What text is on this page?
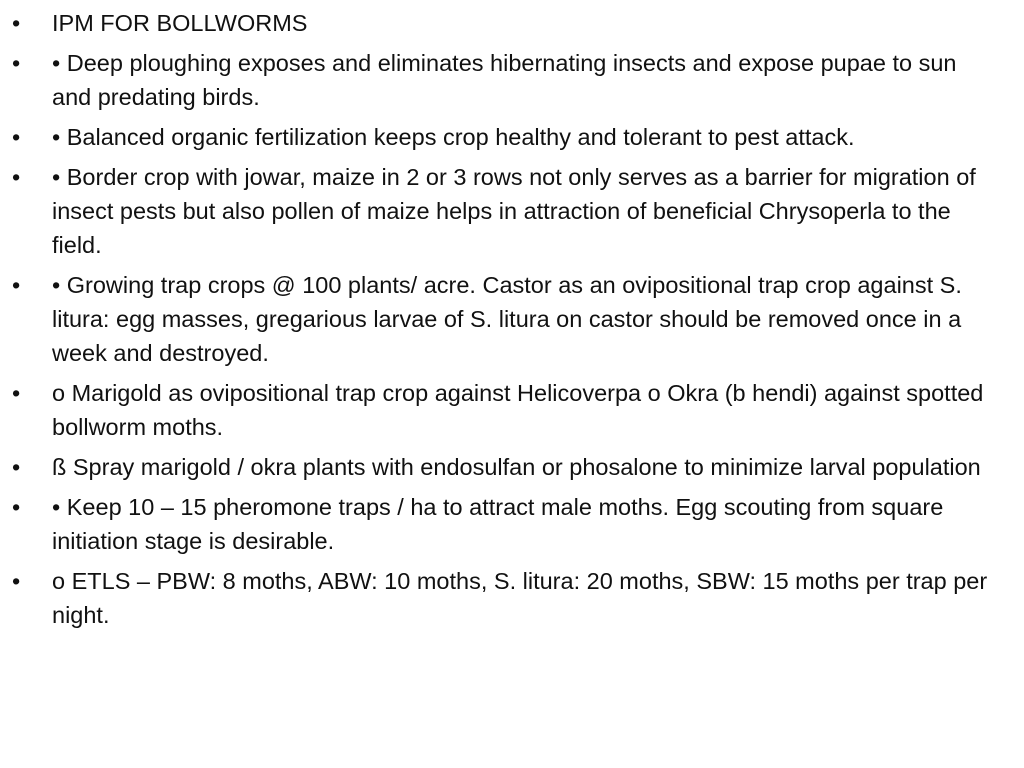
•	IPM FOR BOLLWORMS
•	• Deep ploughing exposes and eliminates hibernating insects and expose pupae to sun and predating birds.
•	• Balanced organic fertilization keeps crop healthy and tolerant to pest attack.
•	• Border crop with jowar, maize in 2 or 3 rows not only serves as a barrier for migration of insect pests but also pollen of maize helps in attraction of beneficial Chrysoperla to the field.
•	• Growing trap crops @ 100 plants/ acre. Castor as an ovipositional trap crop against S. litura: egg masses, gregarious larvae of S. litura on castor should be removed once in a week and destroyed.
•	o Marigold as ovipositional trap crop against Helicoverpa o Okra (b hendi) against spotted bollworm moths.
•	ß Spray marigold / okra plants with endosulfan or phosalone to minimize larval population
•	• Keep 10 – 15 pheromone traps / ha to attract male moths. Egg scouting from square initiation stage is desirable.
•	o ETLS – PBW: 8 moths, ABW: 10 moths, S. litura: 20 moths, SBW: 15 moths per trap per night.
